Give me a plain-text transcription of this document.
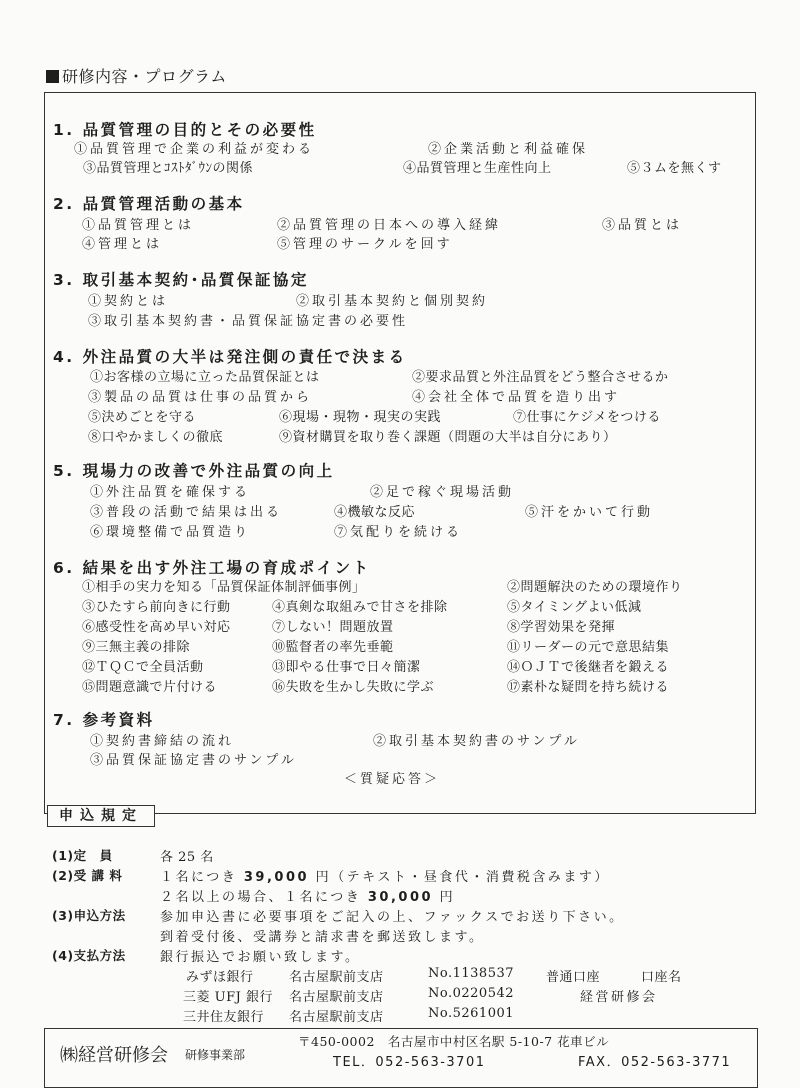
研修内容・プログラム
1. 品質管理の目的とその必要性
①品質管理で企業の利益が変わる	②企業活動と利益確保
③品質管理とｺｽﾄﾀﾞｳﾝの関係	④品質管理と生産性向上	⑤３ムを無くす
2. 品質管理活動の基本
①品質管理とは	②品質管理の日本への導入経緯	③品質とは
④管理とは	⑤管理のサークルを回す
3. 取引基本契約･品質保証協定
①契約とは	②取引基本契約と個別契約
③取引基本契約書・品質保証協定書の必要性
4. 外注品質の大半は発注側の責任で決まる
①お客様の立場に立った品質保証とは	②要求品質と外注品質をどう整合させるか
③製品の品質は仕事の品質から	④会社全体で品質を造り出す
⑤決めごとを守る	⑥現場・現物・現実の実践	⑦仕事にケジメをつける
⑧口やかましくの徹底	⑨資材購買を取り巻く課題（問題の大半は自分にあり）
5. 現場力の改善で外注品質の向上
①外注品質を確保する	②足で稼ぐ現場活動
③普段の活動で結果は出る	④機敏な反応	⑤汗をかいて行動
⑥環境整備で品質造り	⑦気配りを続ける
6. 結果を出す外注工場の育成ポイント
①相手の実力を知る「品質保証体制評価事例」	②問題解決のための環境作り
③ひたすら前向きに行動	④真剣な取組みで甘さを排除	⑤タイミングよい低減
⑥感受性を高め早い対応	⑦しない！問題放置	⑧学習効果を発揮
⑨三無主義の排除	⑩監督者の率先垂範	⑪リーダーの元で意思結集
⑫ＴＱＣで全員活動	⑬即やる仕事で日々簡潔	⑭ＯＪＴで後継者を鍛える
⑮問題意識で片付ける	⑯失敗を生かし失敗に学ぶ	⑰素朴な疑問を持ち続ける
7. 参考資料
①契約書締結の流れ	②取引基本契約書のサンプル
③品質保証協定書のサンプル
＜質疑応答＞
申込規定
(1)定　員	各 25 名
(2)受 講 料	１名につき 39,000 円（テキスト・昼食代・消費税含みます）
２名以上の場合、１名につき 30,000 円
(3)申込方法	参加申込書に必要事項をご記入の上、ファックスでお送り下さい。
到着受付後、受講券と請求書を郵送致します。
(4)支払方法	銀行振込でお願い致します。
みずほ銀行	名古屋駅前支店	No.1138537 普通口座	口座名
三菱 UFJ 銀行 名古屋駅前支店	No.0220542	経営研修会
三井住友銀行 名古屋駅前支店	No.5261001
㈱経営研修会 研修事業部
〒450-0002　名古屋市中村区名駅 5-10-7 花車ビル
TEL．052-563-3701	FAX．052-563-3771
